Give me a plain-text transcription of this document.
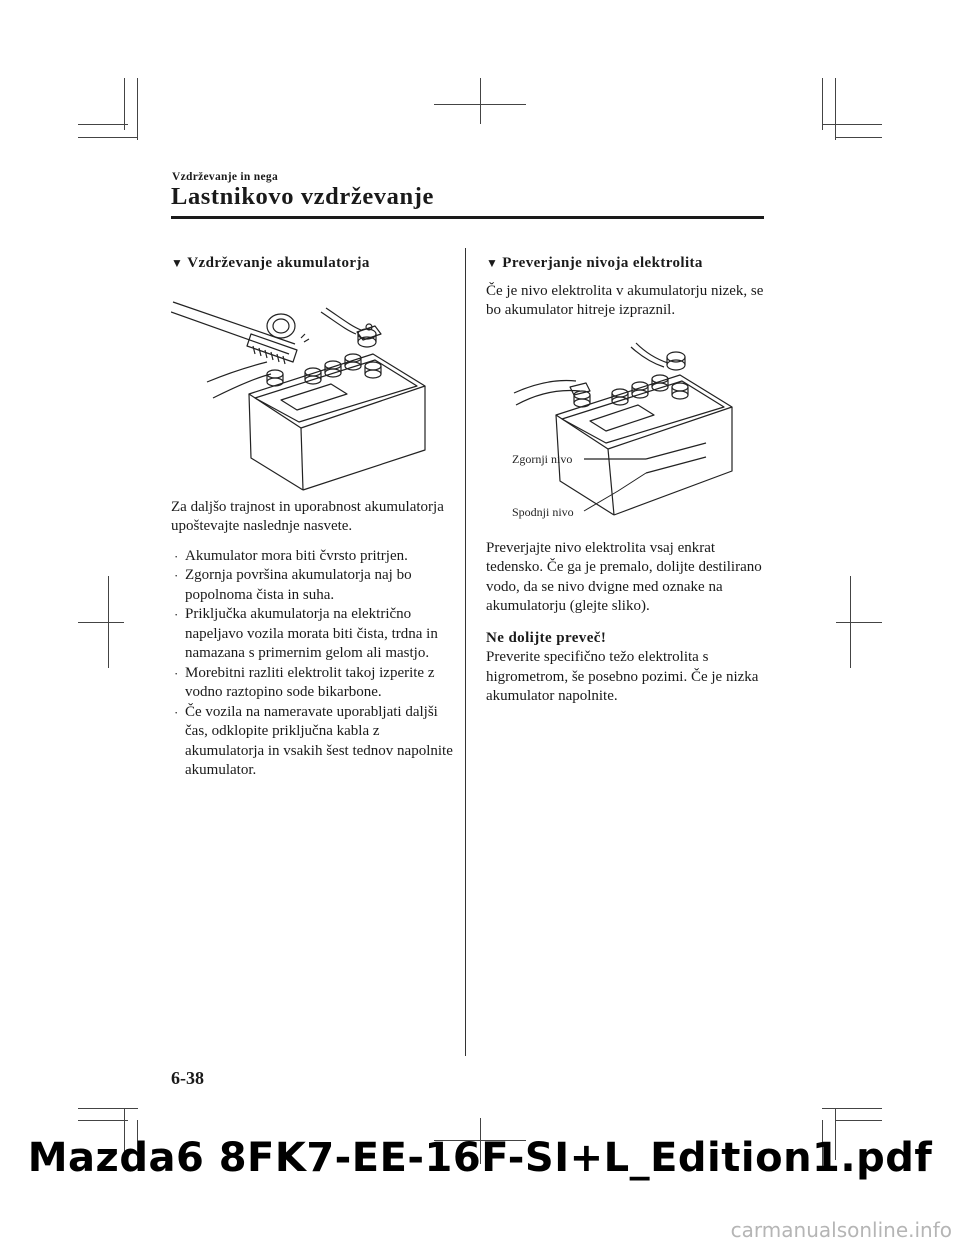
Vzdrževanje in nega
Lastnikovo vzdrževanje
▼ Vzdrževanje akumulatorja

Za daljšo trajnost in uporabnost akumulatorja upoštevajte naslednje nasvete.

· Akumulator mora biti čvrsto pritrjen.
· Zgornja površina akumulatorja naj bo popolnoma čista in suha.
· Priključka akumulatorja na električno napeljavo vozila morata biti čista, trdna in namazana s primernim gelom ali mastjo.
· Morebitni razliti elektrolit takoj izperite z vodno raztopino sode bikarbone.
· Če vozila na nameravate uporabljati daljši čas, odklopite priključna kabla z akumulatorja in vsakih šest tednov napolnite akumulator.
▼ Preverjanje nivoja elektrolita

Če je nivo elektrolita v akumulatorju nizek, se bo akumulator hitreje izpraznil.

Zgornji nivo
Spodnji nivo

Preverjajte nivo elektrolita vsaj enkrat tedensko. Če ga je premalo, dolijte destilirano vodo, da se nivo dvigne med oznake na akumulatorju (glejte sliko).

Ne dolijte preveč!

Preverite specifično težo elektrolita s higrometrom, še posebno pozimi. Če je nizka akumulator napolnite.

6-38
Mazda6 8FK7-EE-16F-SI+L_Edition1.pdf
carmanualsonline.info
